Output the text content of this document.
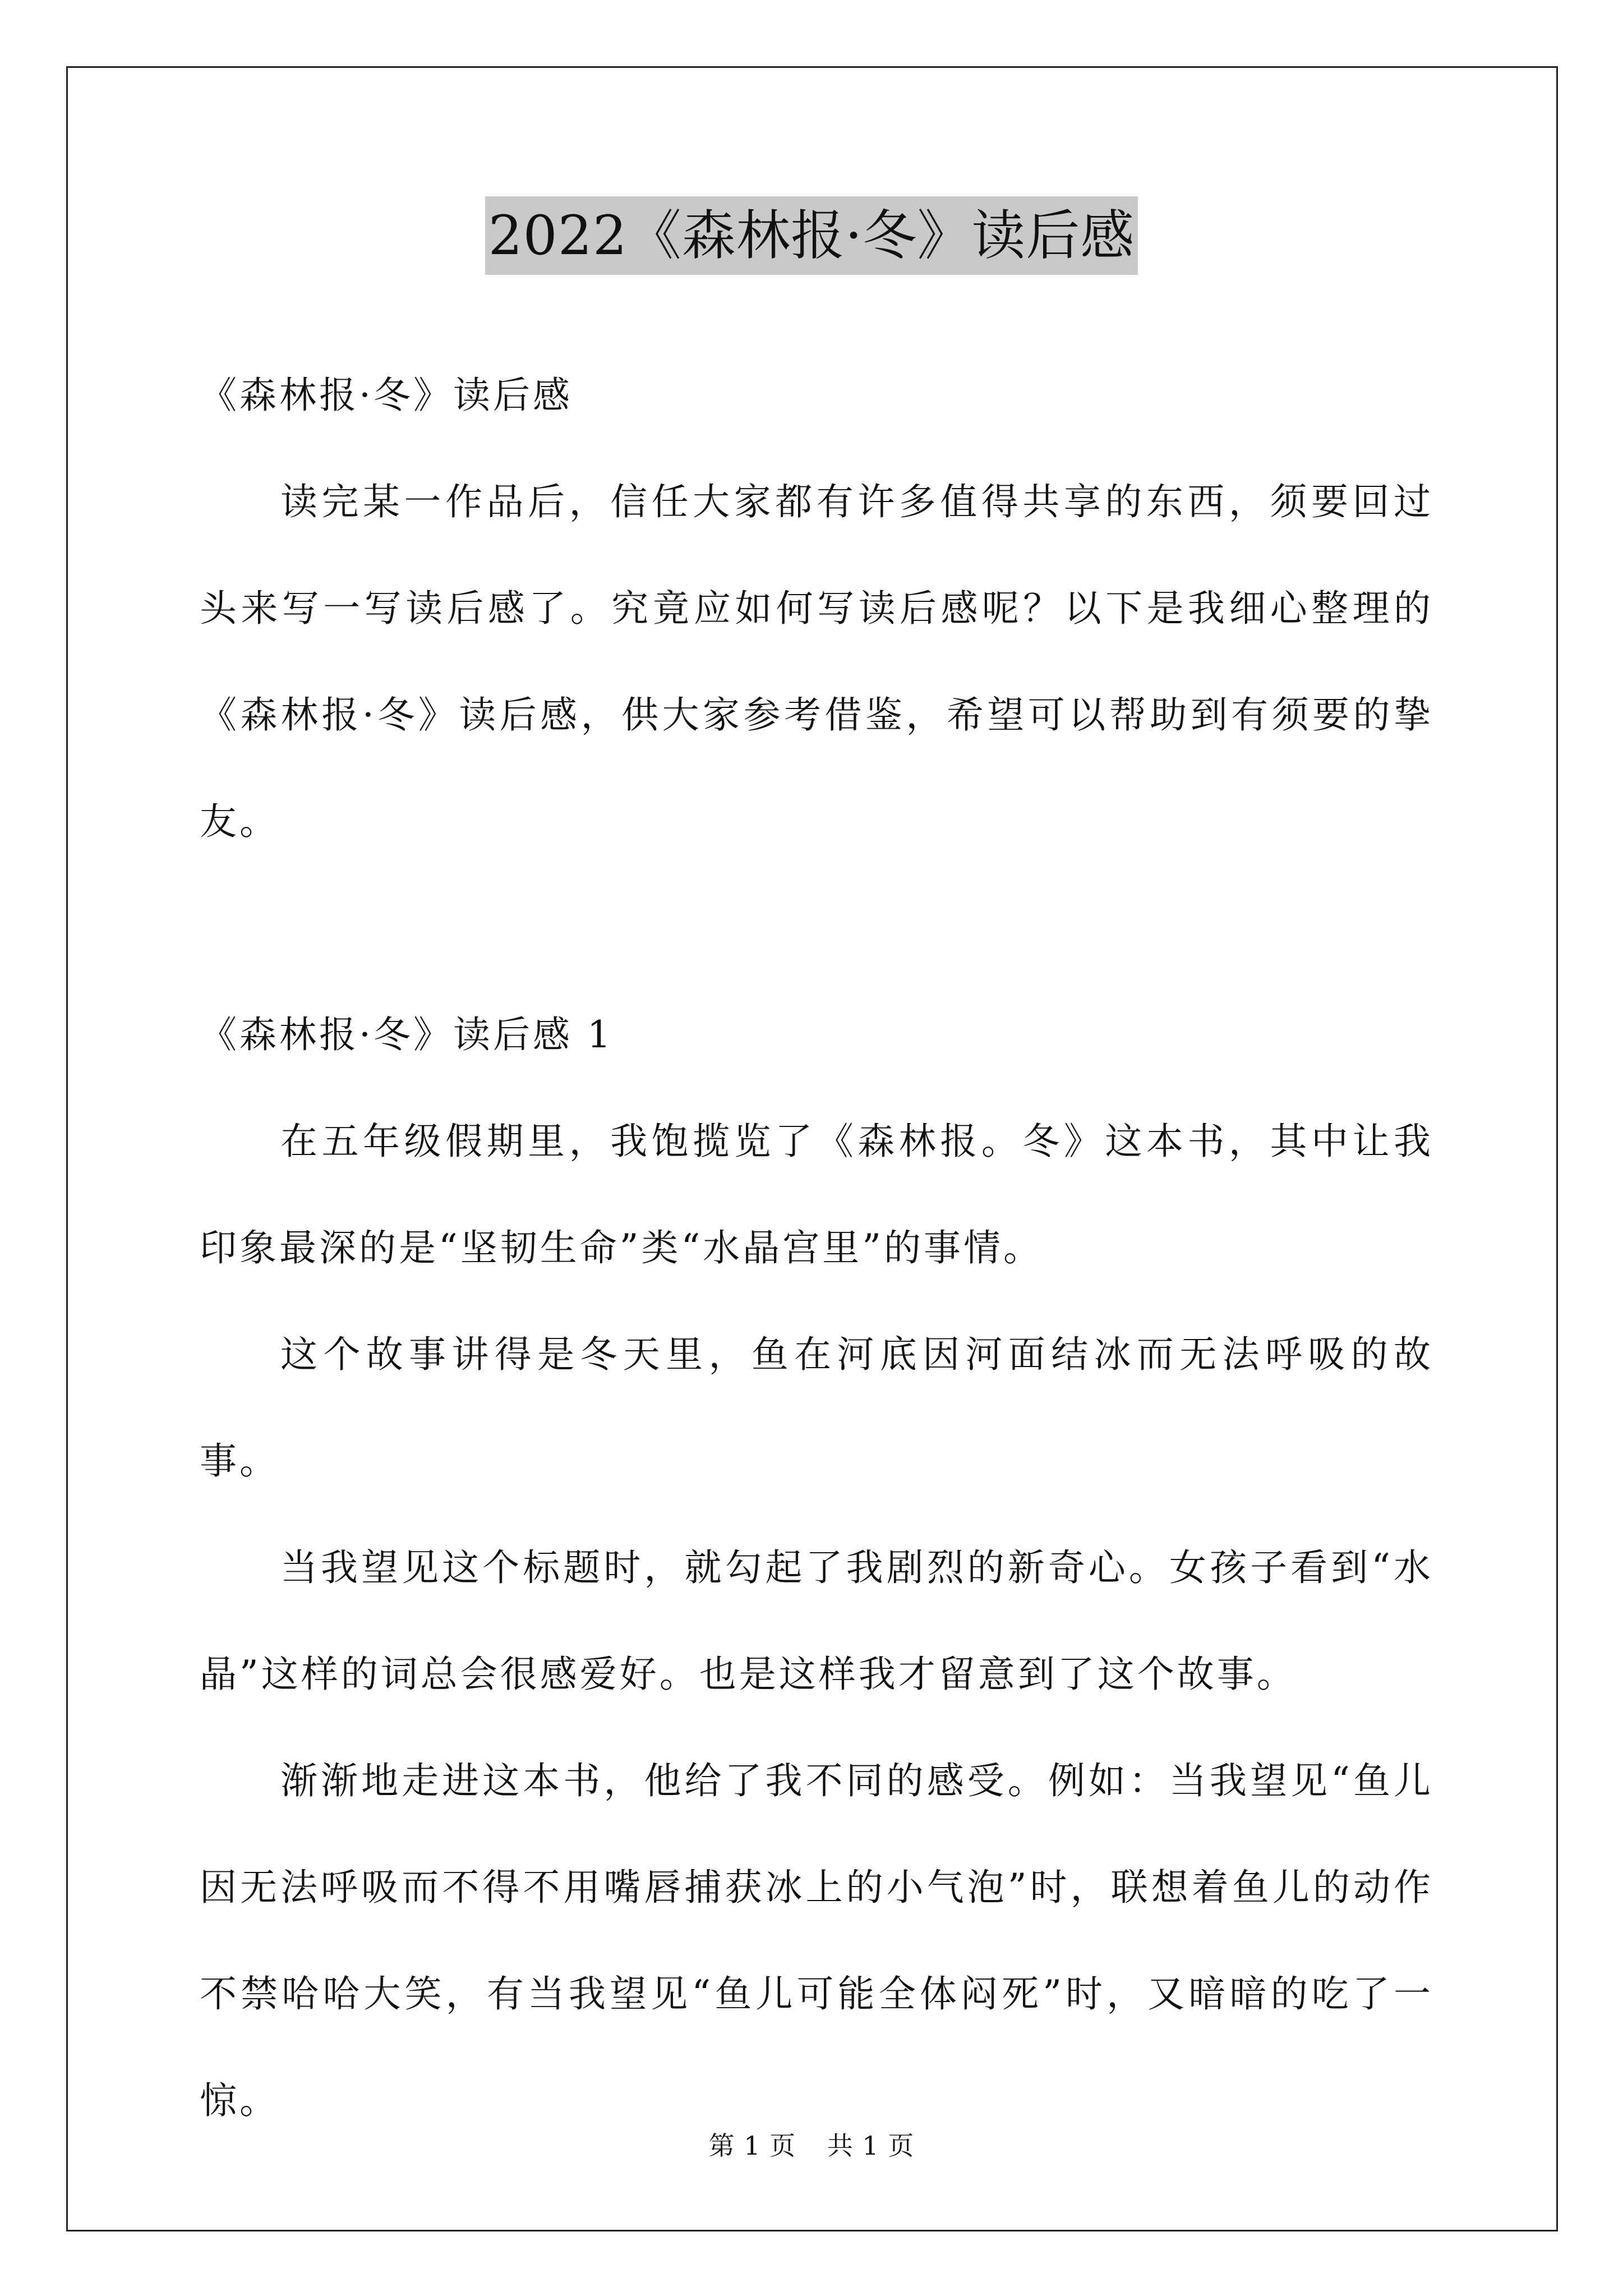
2022《森林报·冬》读后感

《森林报·冬》读后感

读完某一作品后，信任大家都有许多值得共享的东西，须要回过头来写一写读后感了。究竟应如何写读后感呢？以下是我细心整理的《森林报·冬》读后感，供大家参考借鉴，希望可以帮助到有须要的挚友。

《森林报·冬》读后感 1

在五年级假期里，我饱揽览了《森林报。冬》这本书，其中让我印象最深的是“坚韧生命”类“水晶宫里”的事情。

这个故事讲得是冬天里，鱼在河底因河面结冰而无法呼吸的故事。

当我望见这个标题时，就勾起了我剧烈的新奇心。女孩子看到“水晶”这样的词总会很感爱好。也是这样我才留意到了这个故事。

渐渐地走进这本书，他给了我不同的感受。例如：当我望见“鱼儿因无法呼吸而不得不用嘴唇捕获冰上的小气泡”时，联想着鱼儿的动作不禁哈哈大笑，有当我望见“鱼儿可能全体闷死”时，又暗暗的吃了一惊。

第 1 页 共 1 页
